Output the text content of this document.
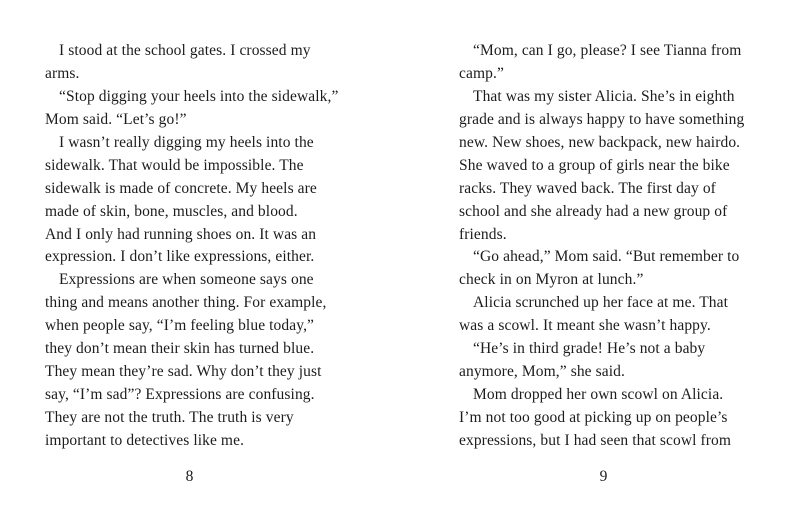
I stood at the school gates. I crossed my
arms.
“Stop digging your heels into the sidewalk,”
Mom said. “Let’s go!”
I wasn’t really digging my heels into the
sidewalk. That would be impossible. The
sidewalk is made of concrete. My heels are
made of skin, bone, muscles, and blood.
And I only had running shoes on. It was an
expression. I don’t like expressions, either.
Expressions are when someone says one
thing and means another thing. For example,
when people say, “I’m feeling blue today,”
they don’t mean their skin has turned blue.
They mean they’re sad. Why don’t they just
say, “I’m sad”? Expressions are confusing.
They are not the truth. The truth is very
important to detectives like me.
8
“Mom, can I go, please? I see Tianna from
camp.”
That was my sister Alicia. She’s in eighth
grade and is always happy to have something
new. New shoes, new backpack, new hairdo.
She waved to a group of girls near the bike
racks. They waved back. The first day of
school and she already had a new group of
friends.
“Go ahead,” Mom said. “But remember to
check in on Myron at lunch.”
Alicia scrunched up her face at me. That
was a scowl. It meant she wasn’t happy.
“He’s in third grade! He’s not a baby
anymore, Mom,” she said.
Mom dropped her own scowl on Alicia.
I’m not too good at picking up on people’s
expressions, but I had seen that scowl from
9
